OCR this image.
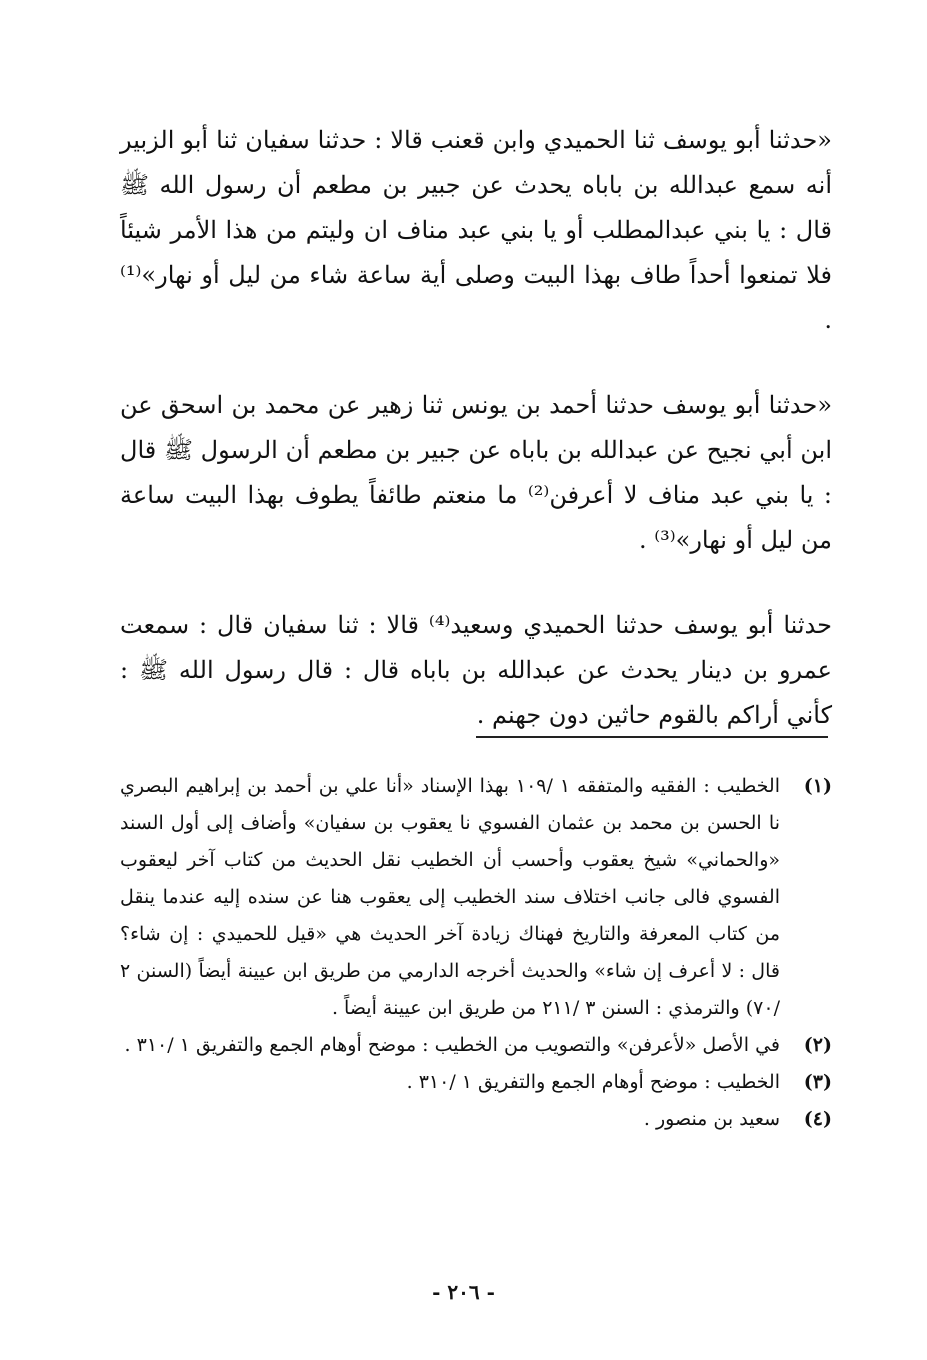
«حدثنا أبو يوسف ثنا الحميدي وابن قعنب قالا : حدثنا سفيان ثنا أبو الزبير أنه سمع عبدالله بن باباه يحدث عن جبير بن مطعم أن رسول الله ﷺ قال : يا بني عبدالمطلب أو يا بني عبد مناف ان وليتم من هذا الأمر شيئاً فلا تمنعوا أحداً طاف بهذا البيت وصلى أية ساعة شاء من ليل أو نهار»⁽¹⁾ .

«حدثنا أبو يوسف حدثنا أحمد بن يونس ثنا زهير عن محمد بن اسحق عن ابن أبي نجيح عن عبدالله بن باباه عن جبير بن مطعم أن الرسول ﷺ قال : يا بني عبد مناف لا أعرفن⁽²⁾ ما منعتم طائفاً يطوف بهذا البيت ساعة من ليل أو نهار»⁽³⁾ .

حدثنا أبو يوسف حدثنا الحميدي وسعيد⁽⁴⁾ قالا : ثنا سفيان قال : سمعت عمرو بن دينار يحدث عن عبدالله بن باباه قال : قال رسول الله ﷺ : كأني أراكم بالقوم حاثين دون جهنم .

(١)
الخطيب : الفقيه والمتفقه ١ /١٠٩ بهذا الإسناد «أنا علي بن أحمد بن إبراهيم البصري نا الحسن بن محمد بن عثمان الفسوي نا يعقوب بن سفيان» وأضاف إلى أول السند «والحماني» شيخ يعقوب وأحسب أن الخطيب نقل الحديث من كتاب آخر ليعقوب الفسوي فالى جانب اختلاف سند الخطيب إلى يعقوب هنا عن سنده إليه عندما ينقل من كتاب المعرفة والتاريخ فهناك زيادة آخر الحديث هي «قيل للحميدي : إن شاء؟ قال : لا أعرف إن شاء» والحديث أخرجه الدارمي من طريق ابن عيينة أيضاً (السنن ٢ /٧٠) والترمذي : السنن ٣ /٢١١ من طريق ابن عيينة أيضاً .
(٢)
في الأصل «لأعرفن» والتصويب من الخطيب : موضح أوهام الجمع والتفريق ١ /٣١٠ .
(٣)
الخطيب : موضح أوهام الجمع والتفريق ١ /٣١٠ .
(٤)
سعيد بن منصور .
- ٢٠٦ -
